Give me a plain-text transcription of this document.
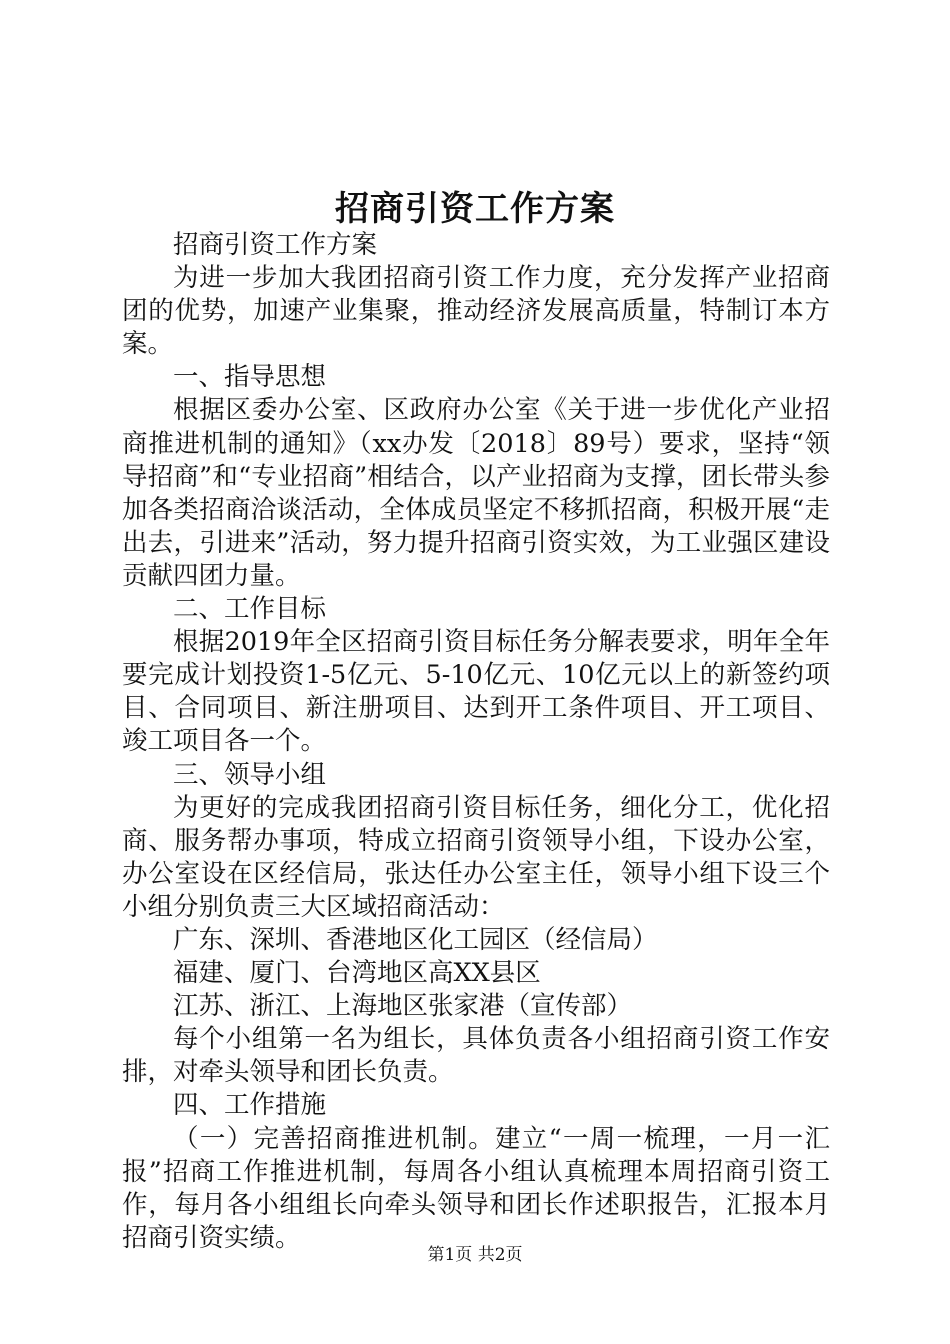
招商引资工作方案

招商引资工作方案

为进一步加大我团招商引资工作力度，充分发挥产业招商团的优势，加速产业集聚，推动经济发展高质量，特制订本方案。

一、指导思想

根据区委办公室、区政府办公室《关于进一步优化产业招商推进机制的通知》（xx办发〔2018〕89号）要求，坚持“领导招商”和“专业招商”相结合，以产业招商为支撑，团长带头参加各类招商洽谈活动，全体成员坚定不移抓招商，积极开展“走出去，引进来”活动，努力提升招商引资实效，为工业强区建设贡献四团力量。

二、工作目标

根据2019年全区招商引资目标任务分解表要求，明年全年要完成计划投资1-5亿元、5-10亿元、10亿元以上的新签约项目、合同项目、新注册项目、达到开工条件项目、开工项目、竣工项目各一个。

三、领导小组

为更好的完成我团招商引资目标任务，细化分工，优化招商、服务帮办事项，特成立招商引资领导小组，下设办公室，办公室设在区经信局，张达任办公室主任，领导小组下设三个小组分别负责三大区域招商活动：

广东、深圳、香港地区化工园区（经信局）

福建、厦门、台湾地区高XX县区

江苏、浙江、上海地区张家港（宣传部）

每个小组第一名为组长，具体负责各小组招商引资工作安排，对牵头领导和团长负责。

四、工作措施

（一）完善招商推进机制。建立“一周一梳理，一月一汇报”招商工作推进机制，每周各小组认真梳理本周招商引资工作，每月各小组组长向牵头领导和团长作述职报告，汇报本月招商引资实绩。

第1页 共2页
